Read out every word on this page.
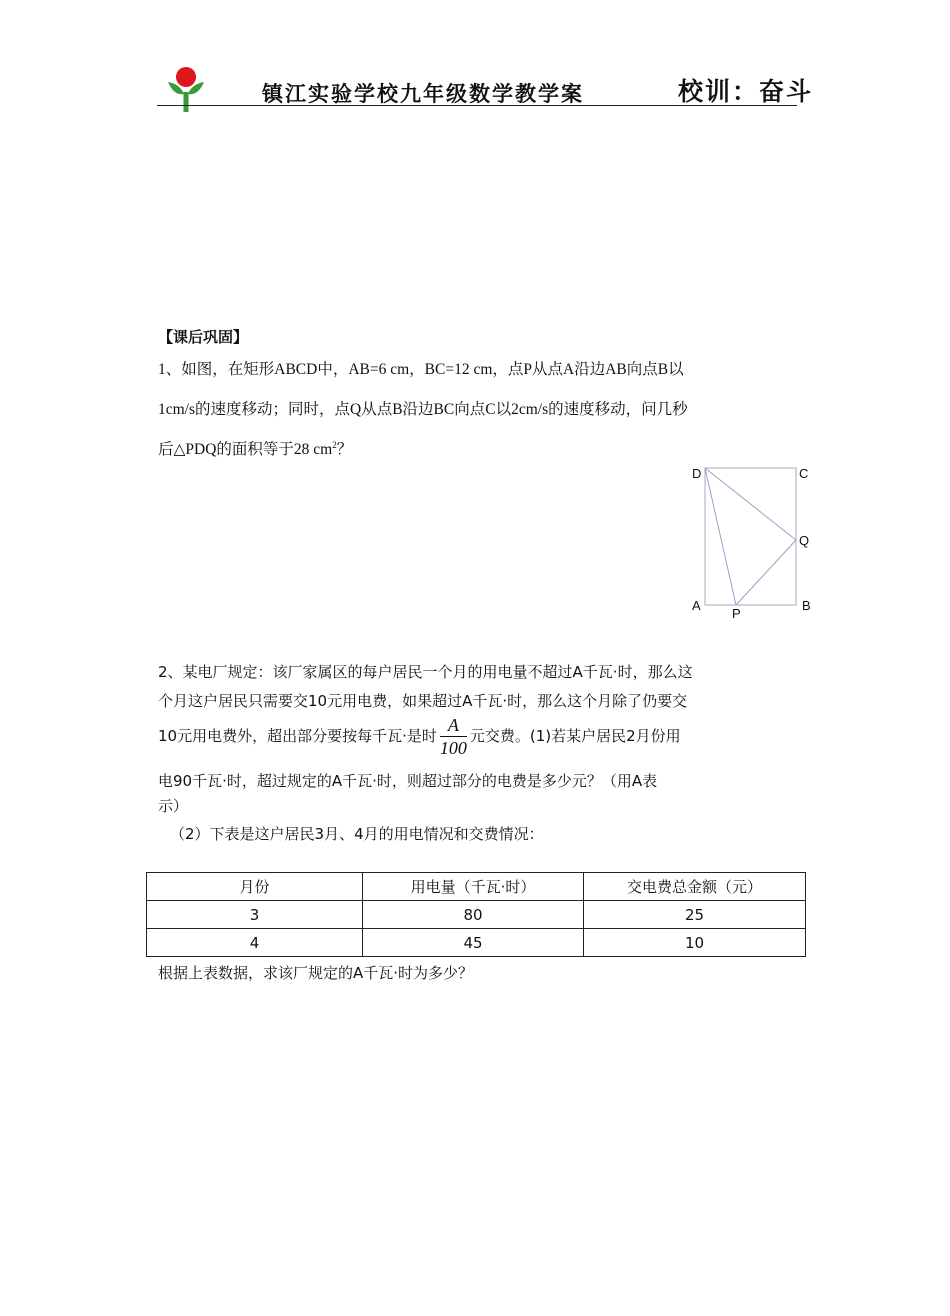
镇江实验学校九年级数学教学案	校训：奋斗
【课后巩固】
1、如图，在矩形ABCD中，AB=6 cm，BC=12 cm，点P从点A沿边AB向点B以
1cm/s的速度移动；同时，点Q从点B沿边BC向点C以2cm/s的速度移动，问几秒
后△PDQ的面积等于28 $cm^2$？
D	C
Q
A
P
B
2、某电厂规定：该厂家属区的每户居民一个月的用电量不超过A千瓦·时，那么这
个月这户居民只需要交10元用电费，如果超过A千瓦·时，那么这个月除了仍要交
10元用电费外，超出部分要按每千瓦·是时 $\frac{A}{100}$ 元交费。(1)若某户居民2月份用
电90千瓦·时，超过规定的A千瓦·时，则超过部分的电费是多少元？（用A表
示）
（2）下表是这户居民3月、4月的用电情况和交费情况：
月份	用电量（千瓦·时）	交电费总金额（元）
3	80	25
4	45	10
根据上表数据，求该厂规定的A千瓦·时为多少？
